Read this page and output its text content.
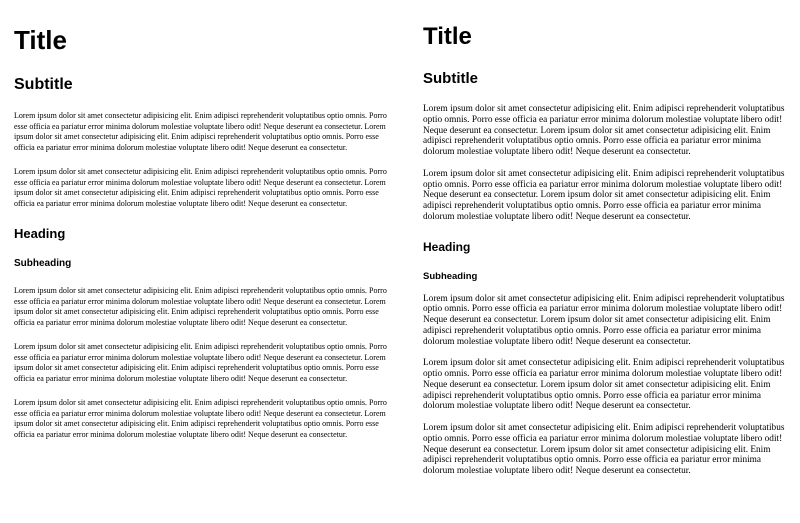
Title
Subtitle

Lorem ipsum dolor sit amet consectetur adipisicing elit. Enim adipisci reprehenderit voluptatibus optio omnis. Porro esse officia ea pariatur error minima dolorum molestiae voluptate libero odit! Neque deserunt ea consectetur. Lorem ipsum dolor sit amet consectetur adipisicing elit. Enim adipisci reprehenderit voluptatibus optio omnis. Porro esse officia ea pariatur error minima dolorum molestiae voluptate libero odit! Neque deserunt ea consectetur.

Lorem ipsum dolor sit amet consectetur adipisicing elit. Enim adipisci reprehenderit voluptatibus optio omnis. Porro esse officia ea pariatur error minima dolorum molestiae voluptate libero odit! Neque deserunt ea consectetur. Lorem ipsum dolor sit amet consectetur adipisicing elit. Enim adipisci reprehenderit voluptatibus optio omnis. Porro esse officia ea pariatur error minima dolorum molestiae voluptate libero odit! Neque deserunt ea consectetur.

Heading
Subheading

Lorem ipsum dolor sit amet consectetur adipisicing elit. Enim adipisci reprehenderit voluptatibus optio omnis. Porro esse officia ea pariatur error minima dolorum molestiae voluptate libero odit! Neque deserunt ea consectetur. Lorem ipsum dolor sit amet consectetur adipisicing elit. Enim adipisci reprehenderit voluptatibus optio omnis. Porro esse officia ea pariatur error minima dolorum molestiae voluptate libero odit! Neque deserunt ea consectetur.

Lorem ipsum dolor sit amet consectetur adipisicing elit. Enim adipisci reprehenderit voluptatibus optio omnis. Porro esse officia ea pariatur error minima dolorum molestiae voluptate libero odit! Neque deserunt ea consectetur. Lorem ipsum dolor sit amet consectetur adipisicing elit. Enim adipisci reprehenderit voluptatibus optio omnis. Porro esse officia ea pariatur error minima dolorum molestiae voluptate libero odit! Neque deserunt ea consectetur.

Lorem ipsum dolor sit amet consectetur adipisicing elit. Enim adipisci reprehenderit voluptatibus optio omnis. Porro esse officia ea pariatur error minima dolorum molestiae voluptate libero odit! Neque deserunt ea consectetur. Lorem ipsum dolor sit amet consectetur adipisicing elit. Enim adipisci reprehenderit voluptatibus optio omnis. Porro esse officia ea pariatur error minima dolorum molestiae voluptate libero odit! Neque deserunt ea consectetur.

Title
Subtitle

Lorem ipsum dolor sit amet consectetur adipisicing elit. Enim adipisci reprehenderit voluptatibus optio omnis. Porro esse officia ea pariatur error minima dolorum molestiae voluptate libero odit! Neque deserunt ea consectetur. Lorem ipsum dolor sit amet consectetur adipisicing elit. Enim adipisci reprehenderit voluptatibus optio omnis. Porro esse officia ea pariatur error minima dolorum molestiae voluptate libero odit! Neque deserunt ea consectetur.

Lorem ipsum dolor sit amet consectetur adipisicing elit. Enim adipisci reprehenderit voluptatibus optio omnis. Porro esse officia ea pariatur error minima dolorum molestiae voluptate libero odit! Neque deserunt ea consectetur. Lorem ipsum dolor sit amet consectetur adipisicing elit. Enim adipisci reprehenderit voluptatibus optio omnis. Porro esse officia ea pariatur error minima dolorum molestiae voluptate libero odit! Neque deserunt ea consectetur.

Heading
Subheading

Lorem ipsum dolor sit amet consectetur adipisicing elit. Enim adipisci reprehenderit voluptatibus optio omnis. Porro esse officia ea pariatur error minima dolorum molestiae voluptate libero odit! Neque deserunt ea consectetur. Lorem ipsum dolor sit amet consectetur adipisicing elit. Enim adipisci reprehenderit voluptatibus optio omnis. Porro esse officia ea pariatur error minima dolorum molestiae voluptate libero odit! Neque deserunt ea consectetur.

Lorem ipsum dolor sit amet consectetur adipisicing elit. Enim adipisci reprehenderit voluptatibus optio omnis. Porro esse officia ea pariatur error minima dolorum molestiae voluptate libero odit! Neque deserunt ea consectetur. Lorem ipsum dolor sit amet consectetur adipisicing elit. Enim adipisci reprehenderit voluptatibus optio omnis. Porro esse officia ea pariatur error minima dolorum molestiae voluptate libero odit! Neque deserunt ea consectetur.

Lorem ipsum dolor sit amet consectetur adipisicing elit. Enim adipisci reprehenderit voluptatibus optio omnis. Porro esse officia ea pariatur error minima dolorum molestiae voluptate libero odit! Neque deserunt ea consectetur. Lorem ipsum dolor sit amet consectetur adipisicing elit. Enim adipisci reprehenderit voluptatibus optio omnis. Porro esse officia ea pariatur error minima dolorum molestiae voluptate libero odit! Neque deserunt ea consectetur.
